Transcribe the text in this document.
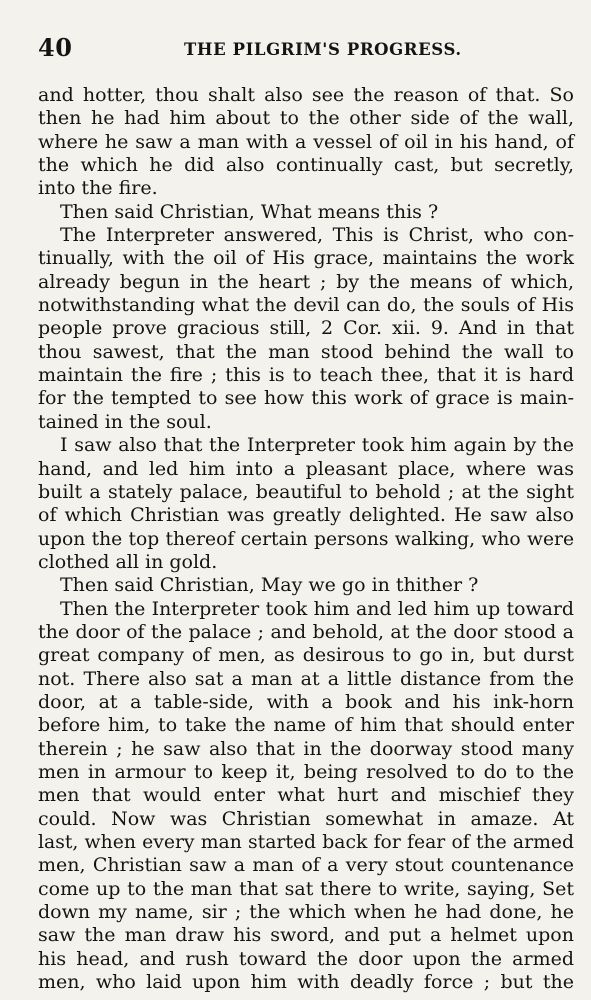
40	THE PILGRIM'S PROGRESS.
and hotter, thou shalt also see the reason of that. So
then he had him about to the other side of the wall,
where he saw a man with a vessel of oil in his hand, of
the which he did also continually cast, but secretly,
into the fire.
Then said Christian, What means this ?
The Interpreter answered, This is Christ, who con-
tinually, with the oil of His grace, maintains the work
already begun in the heart ; by the means of which,
notwithstanding what the devil can do, the souls of His
people prove gracious still, 2 Cor. xii. 9. And in that
thou sawest, that the man stood behind the wall to
maintain the fire ; this is to teach thee, that it is hard
for the tempted to see how this work of grace is main-
tained in the soul.
I saw also that the Interpreter took him again by the
hand, and led him into a pleasant place, where was
built a stately palace, beautiful to behold ; at the sight
of which Christian was greatly delighted. He saw also
upon the top thereof certain persons walking, who were
clothed all in gold.
Then said Christian, May we go in thither ?
Then the Interpreter took him and led him up toward
the door of the palace ; and behold, at the door stood a
great company of men, as desirous to go in, but durst
not. There also sat a man at a little distance from the
door, at a table-side, with a book and his ink-horn
before him, to take the name of him that should enter
therein ; he saw also that in the doorway stood many
men in armour to keep it, being resolved to do to the
men that would enter what hurt and mischief they
could. Now was Christian somewhat in amaze. At
last, when every man started back for fear of the armed
men, Christian saw a man of a very stout countenance
come up to the man that sat there to write, saying, Set
down my name, sir ; the which when he had done, he
saw the man draw his sword, and put a helmet upon
his head, and rush toward the door upon the armed
men, who laid upon him with deadly force ; but the
